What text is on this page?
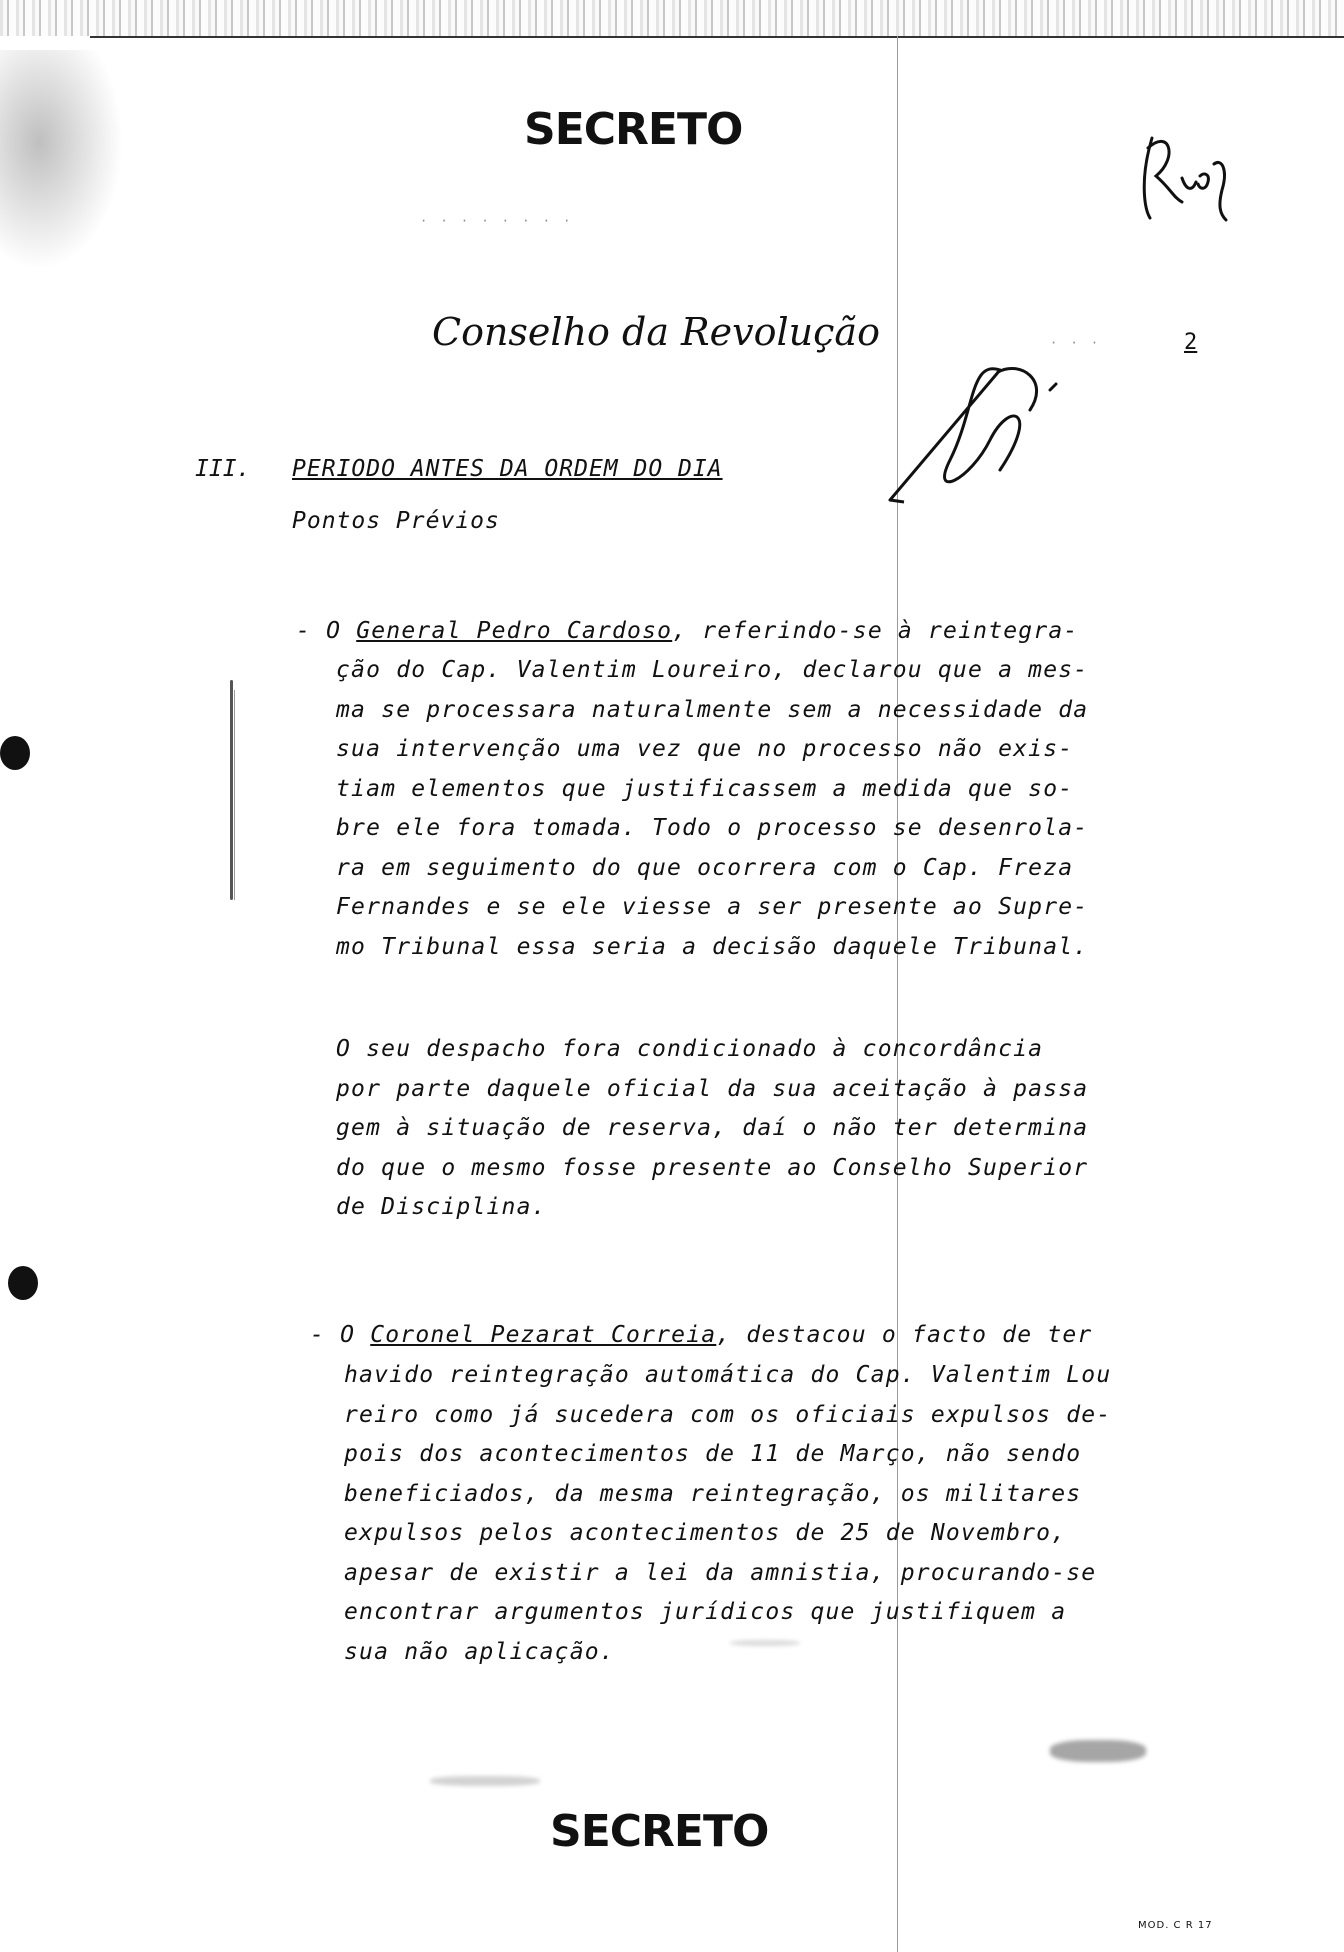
SECRETO
· · · · · · · ·
Conselho da Revolução	· · ·	2
III. PERIODO ANTES DA ORDEM DO DIA
Pontos Prévios
- O General Pedro Cardoso, referindo-se à reintegra-
ção do Cap. Valentim Loureiro, declarou que a mes-
ma se processara naturalmente sem a necessidade da
sua intervenção uma vez que no processo não exis-
tiam elementos que justificassem a medida que so-
bre ele fora tomada. Todo o processo se desenrola-
ra em seguimento do que ocorrera com o Cap. Freza
Fernandes e se ele viesse a ser presente ao Supre-
mo Tribunal essa seria a decisão daquele Tribunal.
O seu despacho fora condicionado à concordância
por parte daquele oficial da sua aceitação à passa
gem à situação de reserva, daí o não ter determina
do que o mesmo fosse presente ao Conselho Superior
de Disciplina.
- O Coronel Pezarat Correia, destacou o facto de ter
havido reintegração automática do Cap. Valentim Lou
reiro como já sucedera com os oficiais expulsos de-
pois dos acontecimentos de 11 de Março, não sendo
beneficiados, da mesma reintegração, os militares
expulsos pelos acontecimentos de 25 de Novembro,
apesar de existir a lei da amnistia, procurando-se
encontrar argumentos jurídicos que justifiquem a
sua não aplicação.
SECRETO
MOD. C R 17
